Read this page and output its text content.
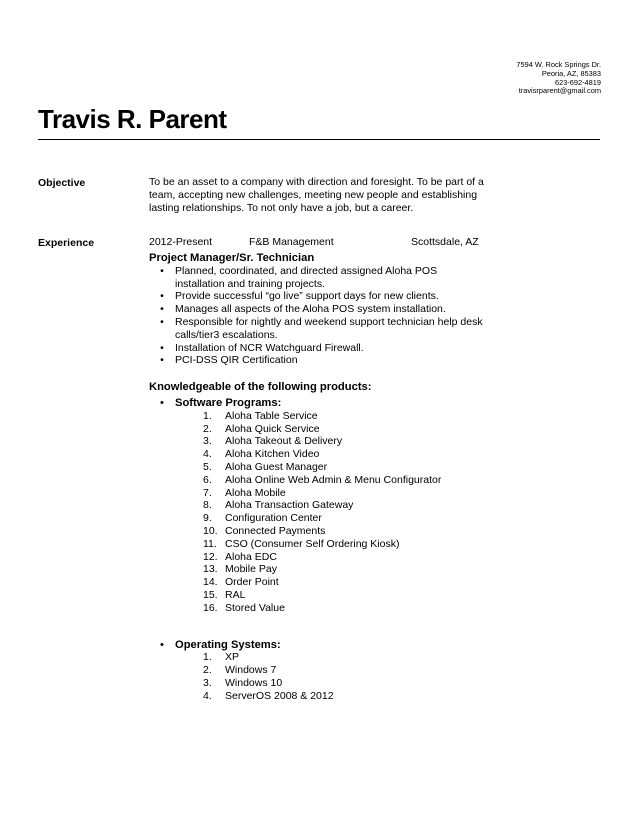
7594 W. Rock Springs Dr.
Peoria, AZ, 85383
623-692-4819
travisrparent@gmail.com
Travis R. Parent
Objective	To be an asset to a company with direction and foresight. To be part of a team, accepting new challenges, meeting new people and establishing lasting relationships. To not only have a job, but a career.
Experience	2012-Present	F&B Management	Scottsdale, AZ
Project Manager/Sr. Technician
•	Planned, coordinated, and directed assigned Aloha POS installation and training projects.
•	Provide successful “go live” support days for new clients.
•	Manages all aspects of the Aloha POS system installation.
•	Responsible for nightly and weekend support technician help desk calls/tier3 escalations.
•	Installation of NCR Watchguard Firewall.
•	PCI-DSS QIR Certification
Knowledgeable of the following products:
• Software Programs:
1. Aloha Table Service
2. Aloha Quick Service
3. Aloha Takeout & Delivery
4. Aloha Kitchen Video
5. Aloha Guest Manager
6. Aloha Online Web Admin & Menu Configurator
7. Aloha Mobile
8. Aloha Transaction Gateway
9. Configuration Center
10. Connected Payments
11. CSO (Consumer Self Ordering Kiosk)
12. Aloha EDC
13. Mobile Pay
14. Order Point
15. RAL
16. Stored Value
• Operating Systems:
1. XP
2. Windows 7
3. Windows 10
4. ServerOS 2008 & 2012
